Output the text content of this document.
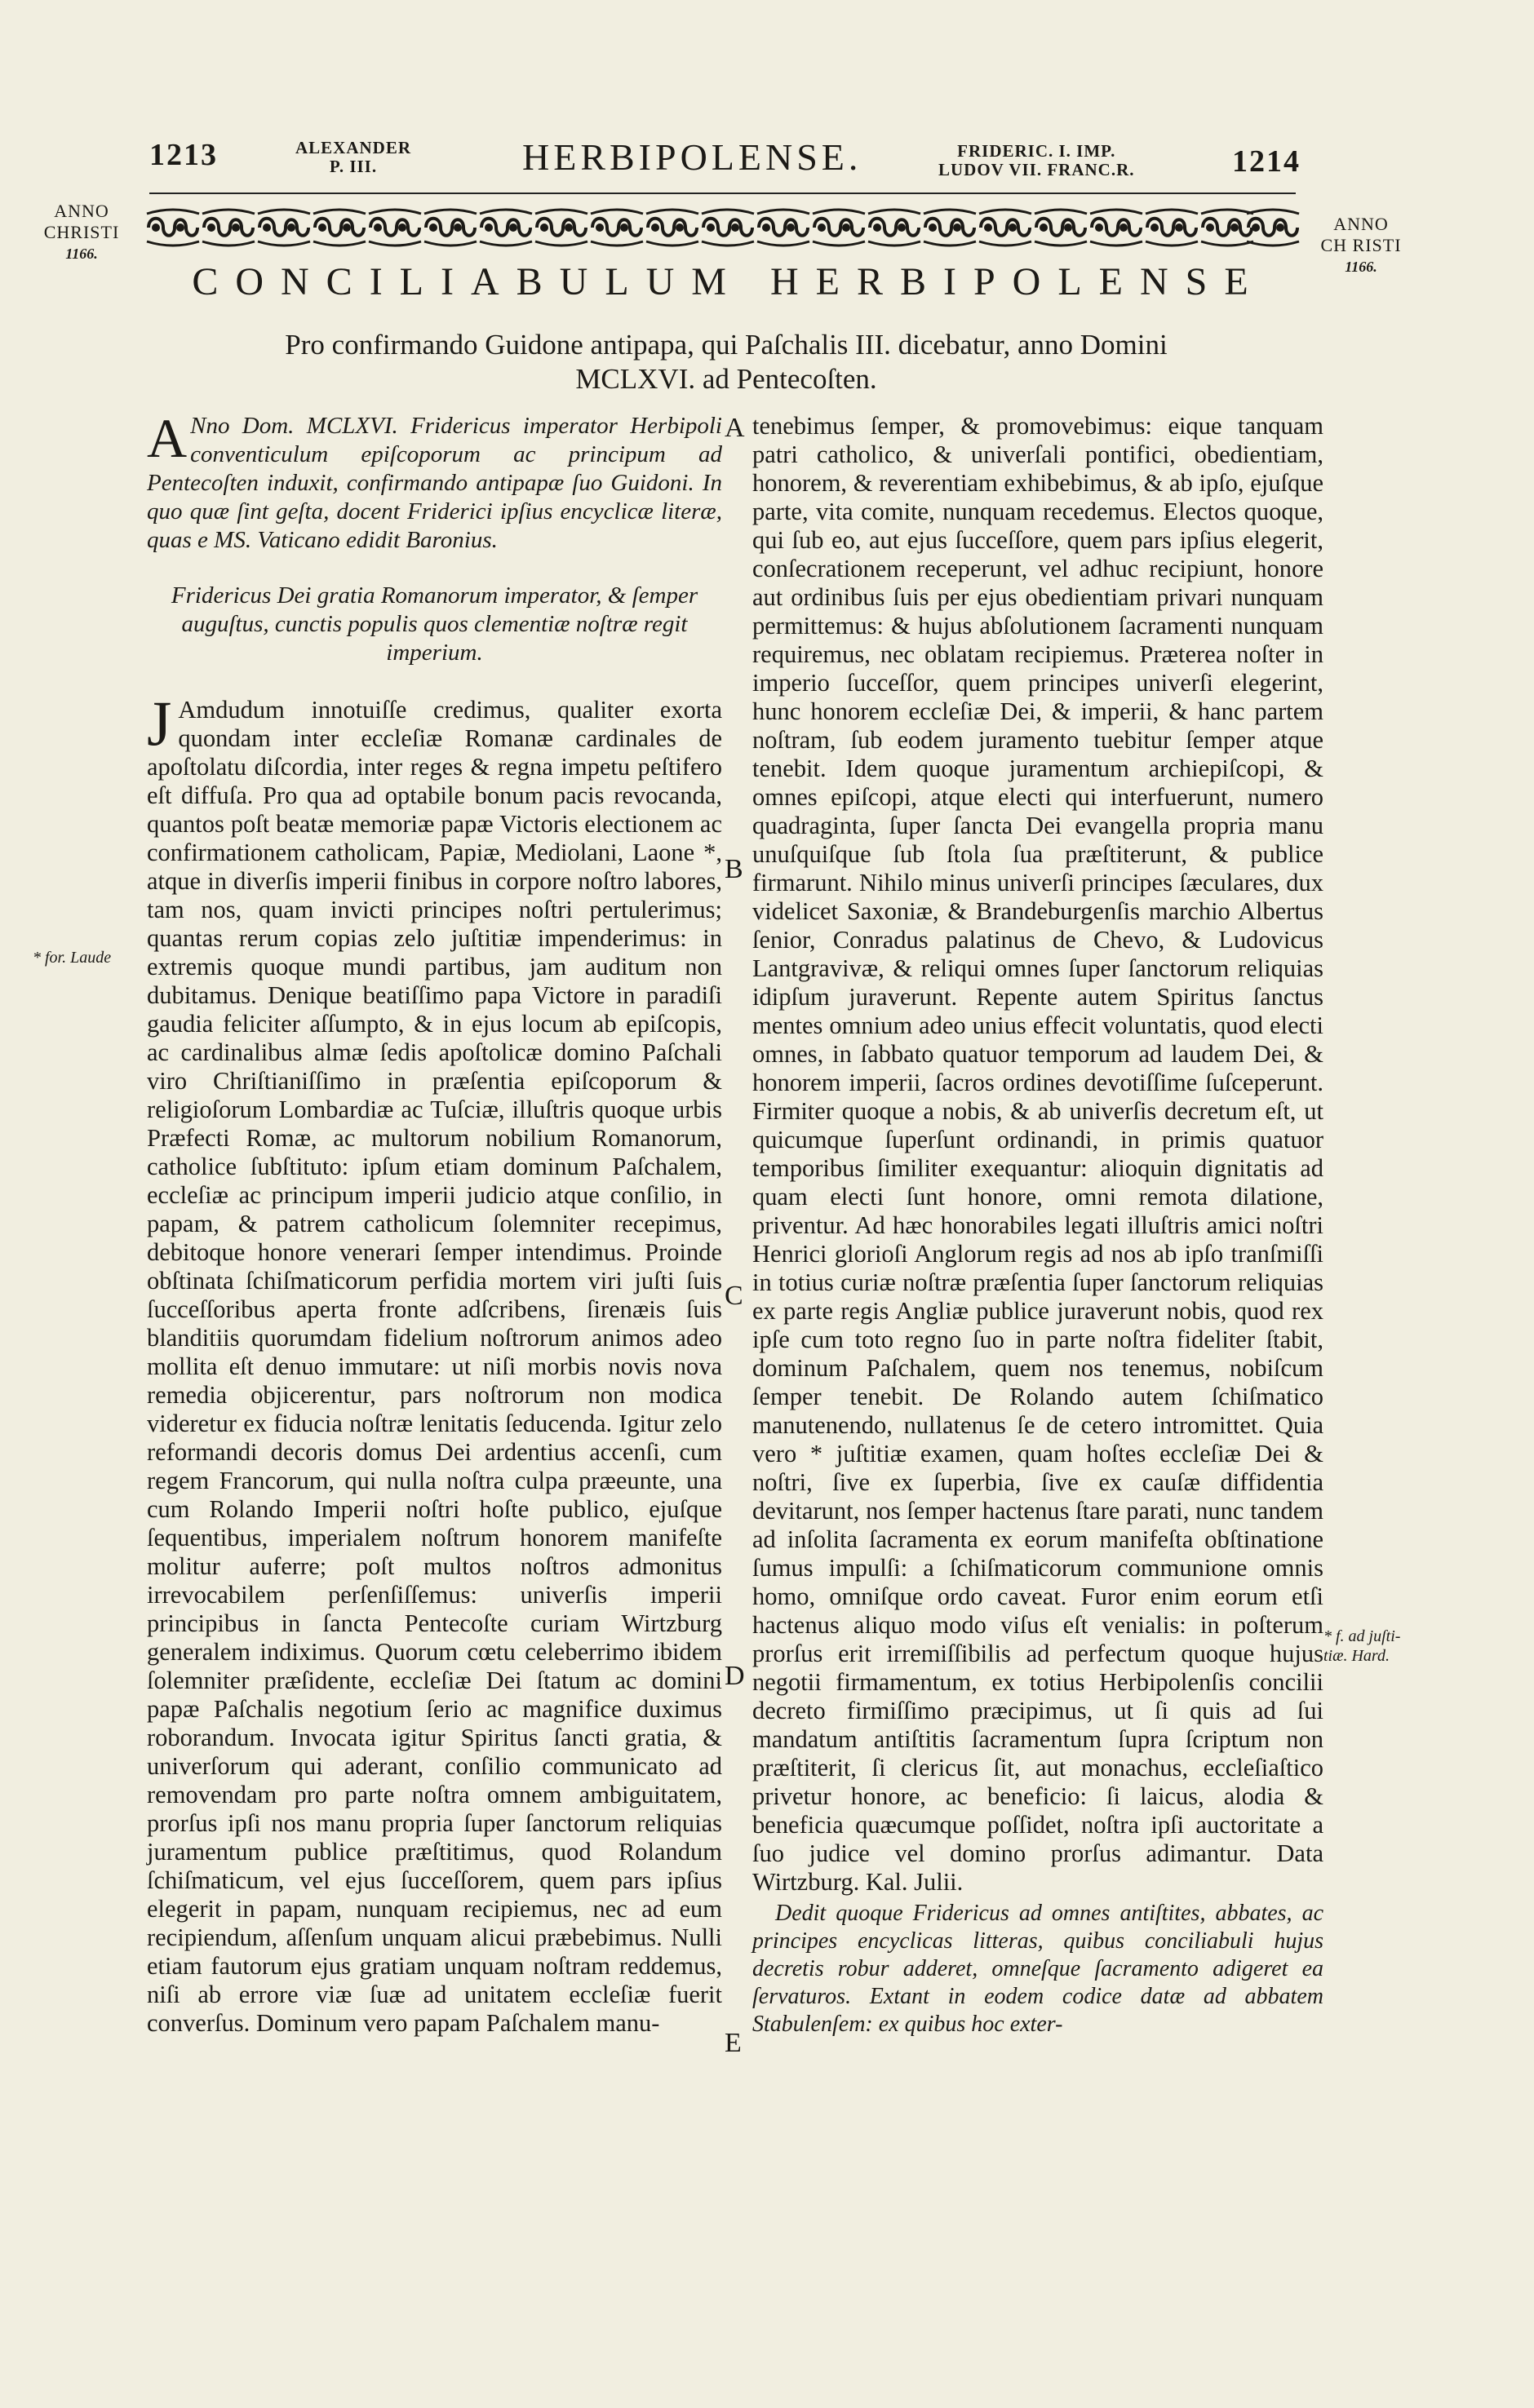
1213	ALEXANDER
P. III.	HERBIPOLENSE.	FRIDERIC. I. IMP.
LUDOV VII. FRANC.R.	1214
ANNO
CHRISTI
1166.
ANNO
CH RISTI
1166.
CONCILIABULUM HERBIPOLENSE
Pro confirmando Guidone antipapa, qui Paſchalis III. dicebatur, anno Domini MCLXVI. ad Pentecoſten.
* for. Laude
* f. ad juſti-
tiæ. Hard.
A
B
C
D
E

A Nno Dom. MCLXVI. Fridericus imperator Herbipoli conventiculum epiſcoporum ac principum ad Pentecoſten induxit, confirmando antipapæ ſuo Guidoni. In quo quæ ſint geſta, docent Friderici ipſius encyclicæ literæ, quas e MS. Vaticano edidit Baronius.

Fridericus Dei gratia Romanorum imperator, & ſemper auguſtus, cunctis populis quos clementiæ noſtræ regit imperium.

J Amdudum innotuiſſe credimus, qualiter exorta quondam inter eccleſiæ Romanæ cardinales de apoſtolatu diſcordia, inter reges & regna impetu peſtifero eſt diffuſa. Pro qua ad optabile bonum pacis revocanda, quantos poſt beatæ memoriæ papæ Victoris electionem ac confirmationem catholicam, Papiæ, Mediolani, Laone *, atque in diverſis imperii finibus in corpore noſtro labores, tam nos, quam invicti principes noſtri pertulerimus; quantas rerum copias zelo juſtitiæ impenderimus: in extremis quoque mundi partibus, jam auditum non dubitamus. Denique beatiſſimo papa Victore in paradiſi gaudia feliciter aſſumpto, & in ejus locum ab epiſcopis, ac cardinalibus almæ ſedis apoſtolicæ domino Paſchali viro Chriſtianiſſimo in præſentia epiſcoporum & religioſorum Lombardiæ ac Tuſciæ, illuſtris quoque urbis Præfecti Romæ, ac multorum nobilium Romanorum, catholice ſubſtituto: ipſum etiam dominum Paſchalem, eccleſiæ ac principum imperii judicio atque conſilio, in papam, & patrem catholicum ſolemniter recepimus, debitoque honore venerari ſemper intendimus. Proinde obſtinata ſchiſmaticorum perfidia mortem viri juſti ſuis ſucceſſoribus aperta fronte adſcribens, ſirenæis ſuis blanditiis quorumdam fidelium noſtrorum animos adeo mollita eſt denuo immutare: ut niſi morbis novis nova remedia objicerentur, pars noſtrorum non modica videretur ex fiducia noſtræ lenitatis ſeducenda. Igitur zelo reformandi decoris domus Dei ardentius accenſi, cum regem Francorum, qui nulla noſtra culpa præeunte, una cum Rolando Imperii noſtri hoſte publico, ejuſque ſequentibus, imperialem noſtrum honorem manifeſte molitur auferre; poſt multos noſtros admonitus irrevocabilem perſenſiſſemus: univerſis imperii principibus in ſancta Pentecoſte curiam Wirtzburg generalem indiximus. Quorum cœtu celeberrimo ibidem ſolemniter præſidente, eccleſiæ Dei ſtatum ac domini papæ Paſchalis negotium ſerio ac magnifice duximus roborandum. Invocata igitur Spiritus ſancti gratia, & univerſorum qui aderant, conſilio communicato ad removendam pro parte noſtra omnem ambiguitatem, prorſus ipſi nos manu propria ſuper ſanctorum reliquias juramentum publice præſtitimus, quod Rolandum ſchiſmaticum, vel ejus ſucceſſorem, quem pars ipſius elegerit in papam, nunquam recipiemus, nec ad eum recipiendum, aſſenſum unquam alicui præbebimus. Nulli etiam fautorum ejus gratiam unquam noſtram reddemus, niſi ab errore viæ ſuæ ad unitatem eccleſiæ fuerit converſus. Dominum vero papam Paſchalem manu-

tenebimus ſemper, & promovebimus: eique tanquam patri catholico, & univerſali pontifici, obedientiam, honorem, & reverentiam exhibebimus, & ab ipſo, ejuſque parte, vita comite, nunquam recedemus. Electos quoque, qui ſub eo, aut ejus ſucceſſore, quem pars ipſius elegerit, conſecrationem receperunt, vel adhuc recipiunt, honore aut ordinibus ſuis per ejus obedientiam privari nunquam permittemus: & hujus abſolutionem ſacramenti nunquam requiremus, nec oblatam recipiemus. Præterea noſter in imperio ſucceſſor, quem principes univerſi elegerint, hunc honorem eccleſiæ Dei, & imperii, & hanc partem noſtram, ſub eodem juramento tuebitur ſemper atque tenebit. Idem quoque juramentum archiepiſcopi, & omnes epiſcopi, atque electi qui interfuerunt, numero quadraginta, ſuper ſancta Dei evangella propria manu unuſquiſque ſub ſtola ſua præſtiterunt, & publice firmarunt. Nihilo minus univerſi principes ſæculares, dux videlicet Saxoniæ, & Brandeburgenſis marchio Albertus ſenior, Conradus palatinus de Chevo, & Ludovicus Lantgravivæ, & reliqui omnes ſuper ſanctorum reliquias idipſum juraverunt. Repente autem Spiritus ſanctus mentes omnium adeo unius effecit voluntatis, quod electi omnes, in ſabbato quatuor temporum ad laudem Dei, & honorem imperii, ſacros ordines devotiſſime ſuſceperunt. Firmiter quoque a nobis, & ab univerſis decretum eſt, ut quicumque ſuperſunt ordinandi, in primis quatuor temporibus ſimiliter exequantur: alioquin dignitatis ad quam electi ſunt honore, omni remota dilatione, priventur. Ad hæc honorabiles legati illuſtris amici noſtri Henrici glorioſi Anglorum regis ad nos ab ipſo tranſmiſſi in totius curiæ noſtræ præſentia ſuper ſanctorum reliquias ex parte regis Angliæ publice juraverunt nobis, quod rex ipſe cum toto regno ſuo in parte noſtra fideliter ſtabit, dominum Paſchalem, quem nos tenemus, nobiſcum ſemper tenebit. De Rolando autem ſchiſmatico manutenendo, nullatenus ſe de cetero intromittet. Quia vero * juſtitiæ examen, quam hoſtes eccleſiæ Dei & noſtri, ſive ex ſuperbia, ſive ex cauſæ diffidentia devitarunt, nos ſemper hactenus ſtare parati, nunc tandem ad inſolita ſacramenta ex eorum manifeſta obſtinatione ſumus impulſi: a ſchiſmaticorum communione omnis homo, omniſque ordo caveat. Furor enim eorum etſi hactenus aliquo modo viſus eſt venialis: in poſterum prorſus erit irremiſſibilis ad perfectum quoque hujus negotii firmamentum, ex totius Herbipolenſis concilii decreto firmiſſimo præcipimus, ut ſi quis ad ſui mandatum antiſtitis ſacramentum ſupra ſcriptum non præſtiterit, ſi clericus ſit, aut monachus, eccleſiaſtico privetur honore, ac beneficio: ſi laicus, alodia & beneficia quæcumque poſſidet, noſtra ipſi auctoritate a ſuo judice vel domino prorſus adimantur. Data Wirtzburg. Kal. Julii.

Dedit quoque Fridericus ad omnes antiſtites, abbates, ac principes encyclicas litteras, quibus conciliabuli hujus decretis robur adderet, omneſque ſacramento adigeret ea ſervaturos. Extant in eodem codice datæ ad abbatem Stabulenſem: ex quibus hoc exter-
